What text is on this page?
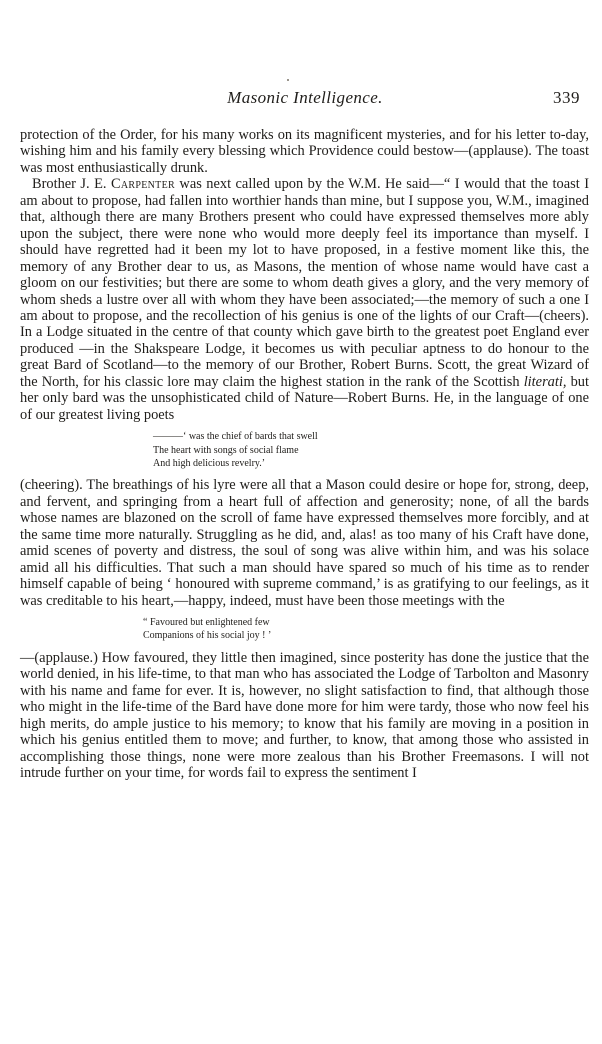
Masonic Intelligence.	339

protection of the Order, for his many works on its magnificent mysteries, and for his letter to-day, wishing him and his family every blessing which Providence could bestow—(applause). The toast was most enthusiastically drunk.

Brother J. E. Carpenter was next called upon by the W.M. He said—“ I would that the toast I am about to propose, had fallen into worthier hands than mine, but I suppose you, W.M., imagined that, although there are many Brothers present who could have expressed themselves more ably upon the subject, there were none who would more deeply feel its importance than myself. I should have regretted had it been my lot to have proposed, in a festive moment like this, the memory of any Brother dear to us, as Masons, the mention of whose name would have cast a gloom on our festivities; but there are some to whom death gives a glory, and the very memory of whom sheds a lustre over all with whom they have been associated;—the memory of such a one I am about to propose, and the recollection of his genius is one of the lights of our Craft—(cheers). In a Lodge situated in the centre of that county which gave birth to the greatest poet England ever produced —in the Shakspeare Lodge, it becomes us with peculiar aptness to do honour to the great Bard of Scotland—to the memory of our Brother, Robert Burns. Scott, the great Wizard of the North, for his classic lore may claim the highest station in the rank of the Scottish literati, but her only bard was the unsophisticated child of Nature—Robert Burns. He, in the language of one of our greatest living poets

———‘ was the chief of bards that swell
The heart with songs of social flame
And high delicious revelry.’

(cheering). The breathings of his lyre were all that a Mason could desire or hope for, strong, deep, and fervent, and springing from a heart full of affection and generosity; none, of all the bards whose names are blazoned on the scroll of fame have expressed themselves more forcibly, and at the same time more naturally. Struggling as he did, and, alas! as too many of his Craft have done, amid scenes of poverty and distress, the soul of song was alive within him, and was his solace amid all his difficulties. That such a man should have spared so much of his time as to render himself capable of being ‘ honoured with supreme command,’ is as gratifying to our feelings, as it was creditable to his heart,—happy, indeed, must have been those meetings with the

“ Favoured but enlightened few
Companions of his social joy ! ’

—(applause.) How favoured, they little then imagined, since posterity has done the justice that the world denied, in his life-time, to that man who has associated the Lodge of Tarbolton and Masonry with his name and fame for ever. It is, however, no slight satisfaction to find, that although those who might in the life-time of the Bard have done more for him were tardy, those who now feel his high merits, do ample justice to his memory; to know that his family are moving in a position in which his genius entitled them to move; and further, to know, that among those who assisted in accomplishing those things, none were more zealous than his Brother Freemasons. I will not intrude further on your time, for words fail to express the sentiment I
